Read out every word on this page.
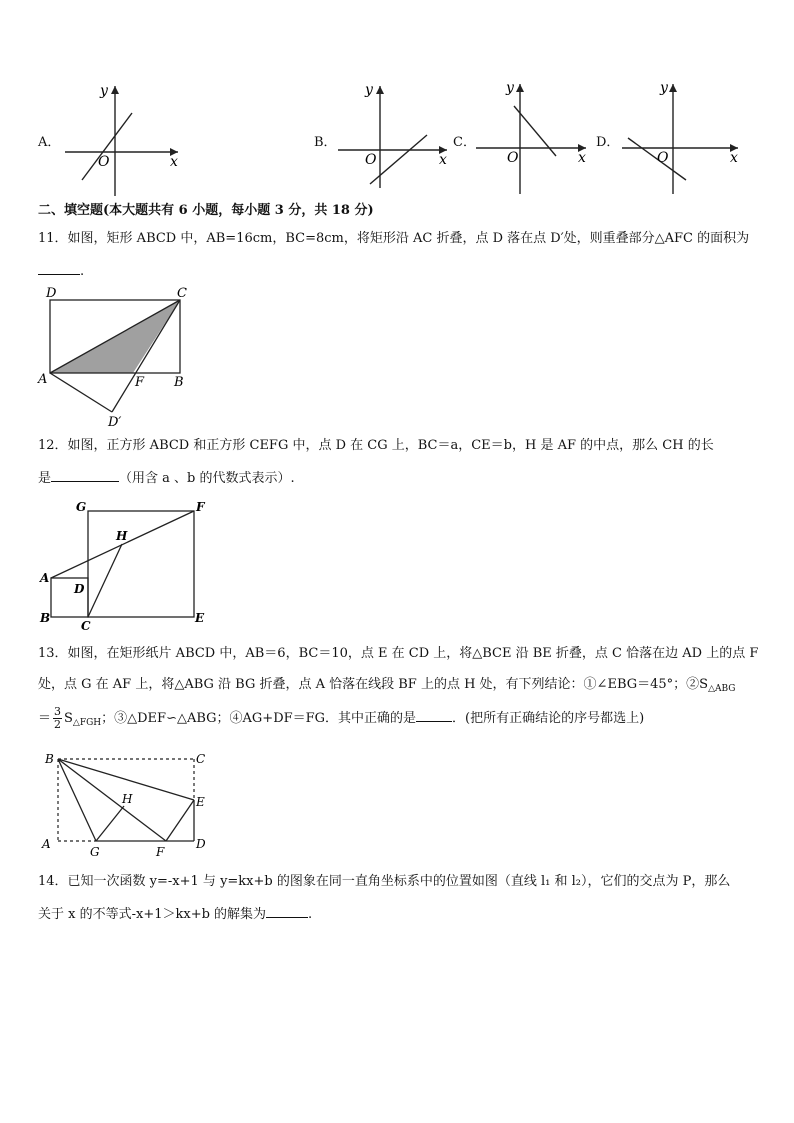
A．
O	x
y
B．
O	x
y
C．
O	x
y
D．
O	x
y
二、填空题(本大题共有 6 小题，每小题 3 分，共 18 分)
11．如图，矩形 ABCD 中，AB=16cm，BC=8cm，将矩形沿 AC 折叠，点 D 落在点 D′处，则重叠部分△AFC 的面积为
.
D	C
A	F B
D′
12．如图，正方形 ABCD 和正方形 CEFG 中，点 D 在 CG 上，BC＝a，CE＝b，H 是 AF 的中点，那么 CH 的长
是	（用含 a 、b 的代数式表示）.
G	F
H
A
D
B
C
E
13．如图，在矩形纸片 ABCD 中，AB＝6，BC＝10，点 E 在 CD 上，将△BCE 沿 BE 折叠，点 C 恰落在边 AD 上的点 F
处，点 G 在 AF 上，将△ABG 沿 BG 折叠，点 A 恰落在线段 BF 上的点 H 处，有下列结论：①∠EBG＝45°；$②S_{\triangle ABG}$
＝ $\frac{3}{2} S_{\triangle FGH}$；③△DEF∽△ABG；④AG+DF＝FG．其中正确的是	．(把所有正确结论的序号都选上)
B	C
H	E
A
G	F
D
14．已知一次函数 y=-x+1 与 y=kx+b 的图象在同一直角坐标系中的位置如图（直线 l₁ 和 l₂），它们的交点为 P，那么
关于 x 的不等式-x+1＞kx+b 的解集为	.
